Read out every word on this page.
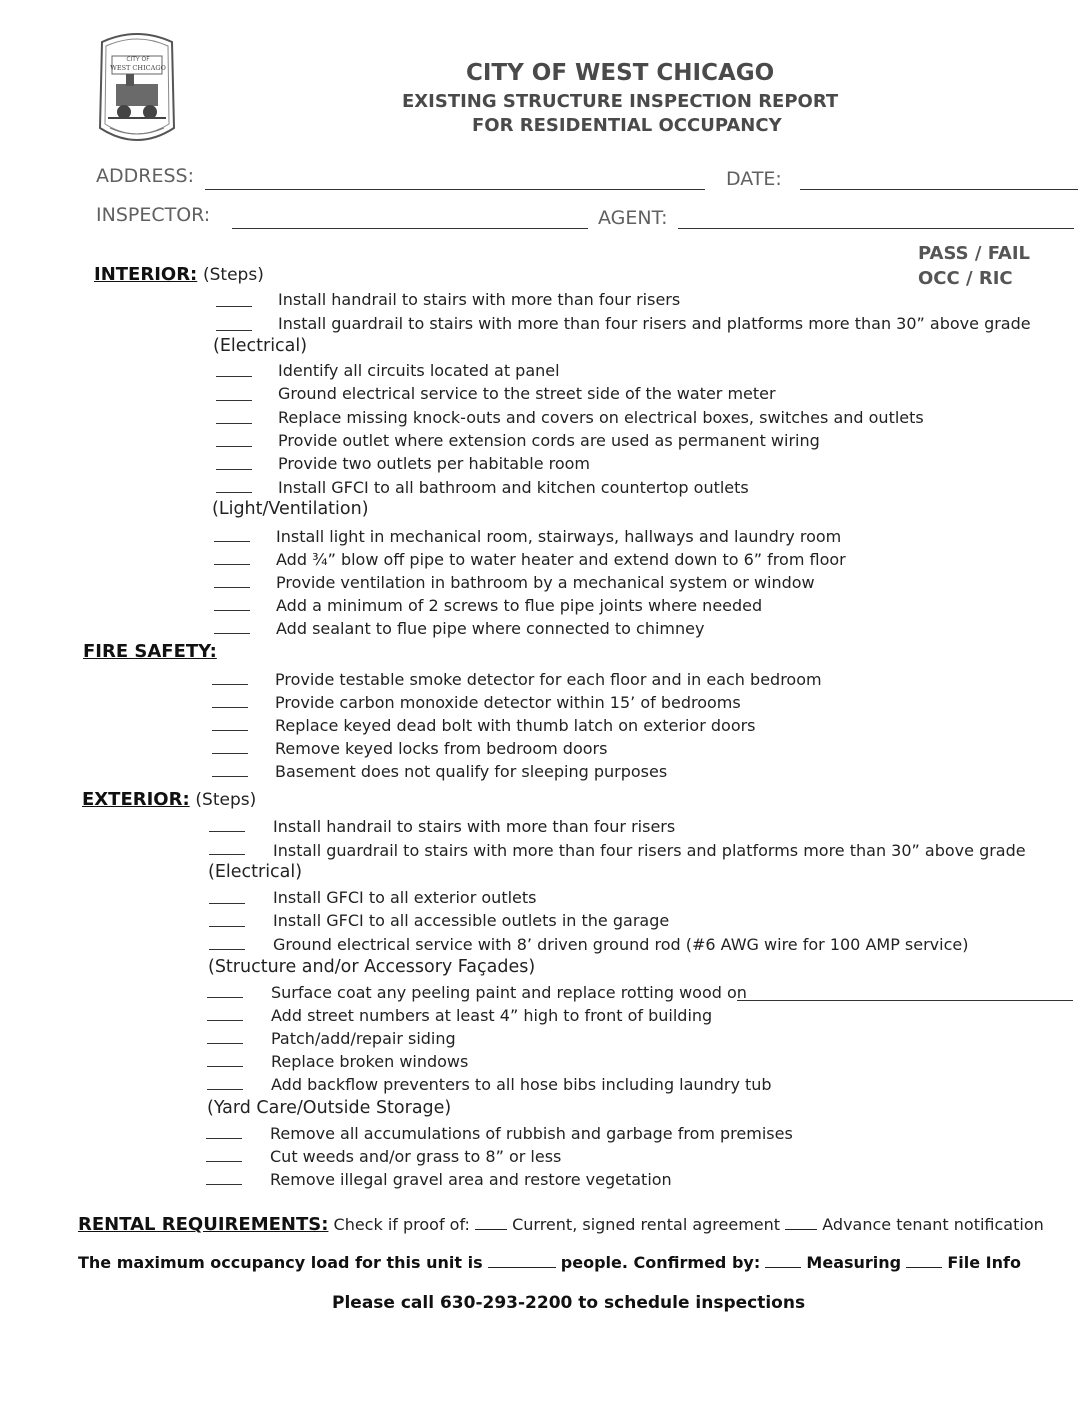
CITY OF
WEST CHICAGO	CITY OF WEST CHICAGO
EXISTING STRUCTURE INSPECTION REPORT
FOR RESIDENTIAL OCCUPANCY
ADDRESS:	DATE:
INSPECTOR:	AGENT:
PASS / FAIL
OCC / RIC
INTERIOR: (Steps)
Install handrail to stairs with more than four risers
Install guardrail to stairs with more than four risers and platforms more than 30” above grade
(Electrical)
Identify all circuits located at panel
Ground electrical service to the street side of the water meter
Replace missing knock-outs and covers on electrical boxes, switches and outlets
Provide outlet where extension cords are used as permanent wiring
Provide two outlets per habitable room
Install GFCI to all bathroom and kitchen countertop outlets
(Light/Ventilation)
Install light in mechanical room, stairways, hallways and laundry room
Add ¾” blow off pipe to water heater and extend down to 6” from floor
Provide ventilation in bathroom by a mechanical system or window
Add a minimum of 2 screws to flue pipe joints where needed
Add sealant to flue pipe where connected to chimney
FIRE SAFETY:
Provide testable smoke detector for each floor and in each bedroom
Provide carbon monoxide detector within 15’ of bedrooms
Replace keyed dead bolt with thumb latch on exterior doors
Remove keyed locks from bedroom doors
Basement does not qualify for sleeping purposes
EXTERIOR: (Steps)
Install handrail to stairs with more than four risers
Install guardrail to stairs with more than four risers and platforms more than 30” above grade
(Electrical)
Install GFCI to all exterior outlets
Install GFCI to all accessible outlets in the garage
Ground electrical service with 8’ driven ground rod (#6 AWG wire for 100 AMP service)
(Structure and/or Accessory Façades)
Surface coat any peeling paint and replace rotting wood on
Add street numbers at least 4” high to front of building
Patch/add/repair siding
Replace broken windows
Add backflow preventers to all hose bibs including laundry tub
(Yard Care/Outside Storage)
Remove all accumulations of rubbish and garbage from premises
Cut weeds and/or grass to 8” or less
Remove illegal gravel area and restore vegetation
RENTAL REQUIREMENTS: Check if proof of:	Current, signed rental agreement	Advance tenant notification
The maximum occupancy load for this unit is	people. Confirmed by:	Measuring	File Info
Please call 630-293-2200 to schedule inspections
